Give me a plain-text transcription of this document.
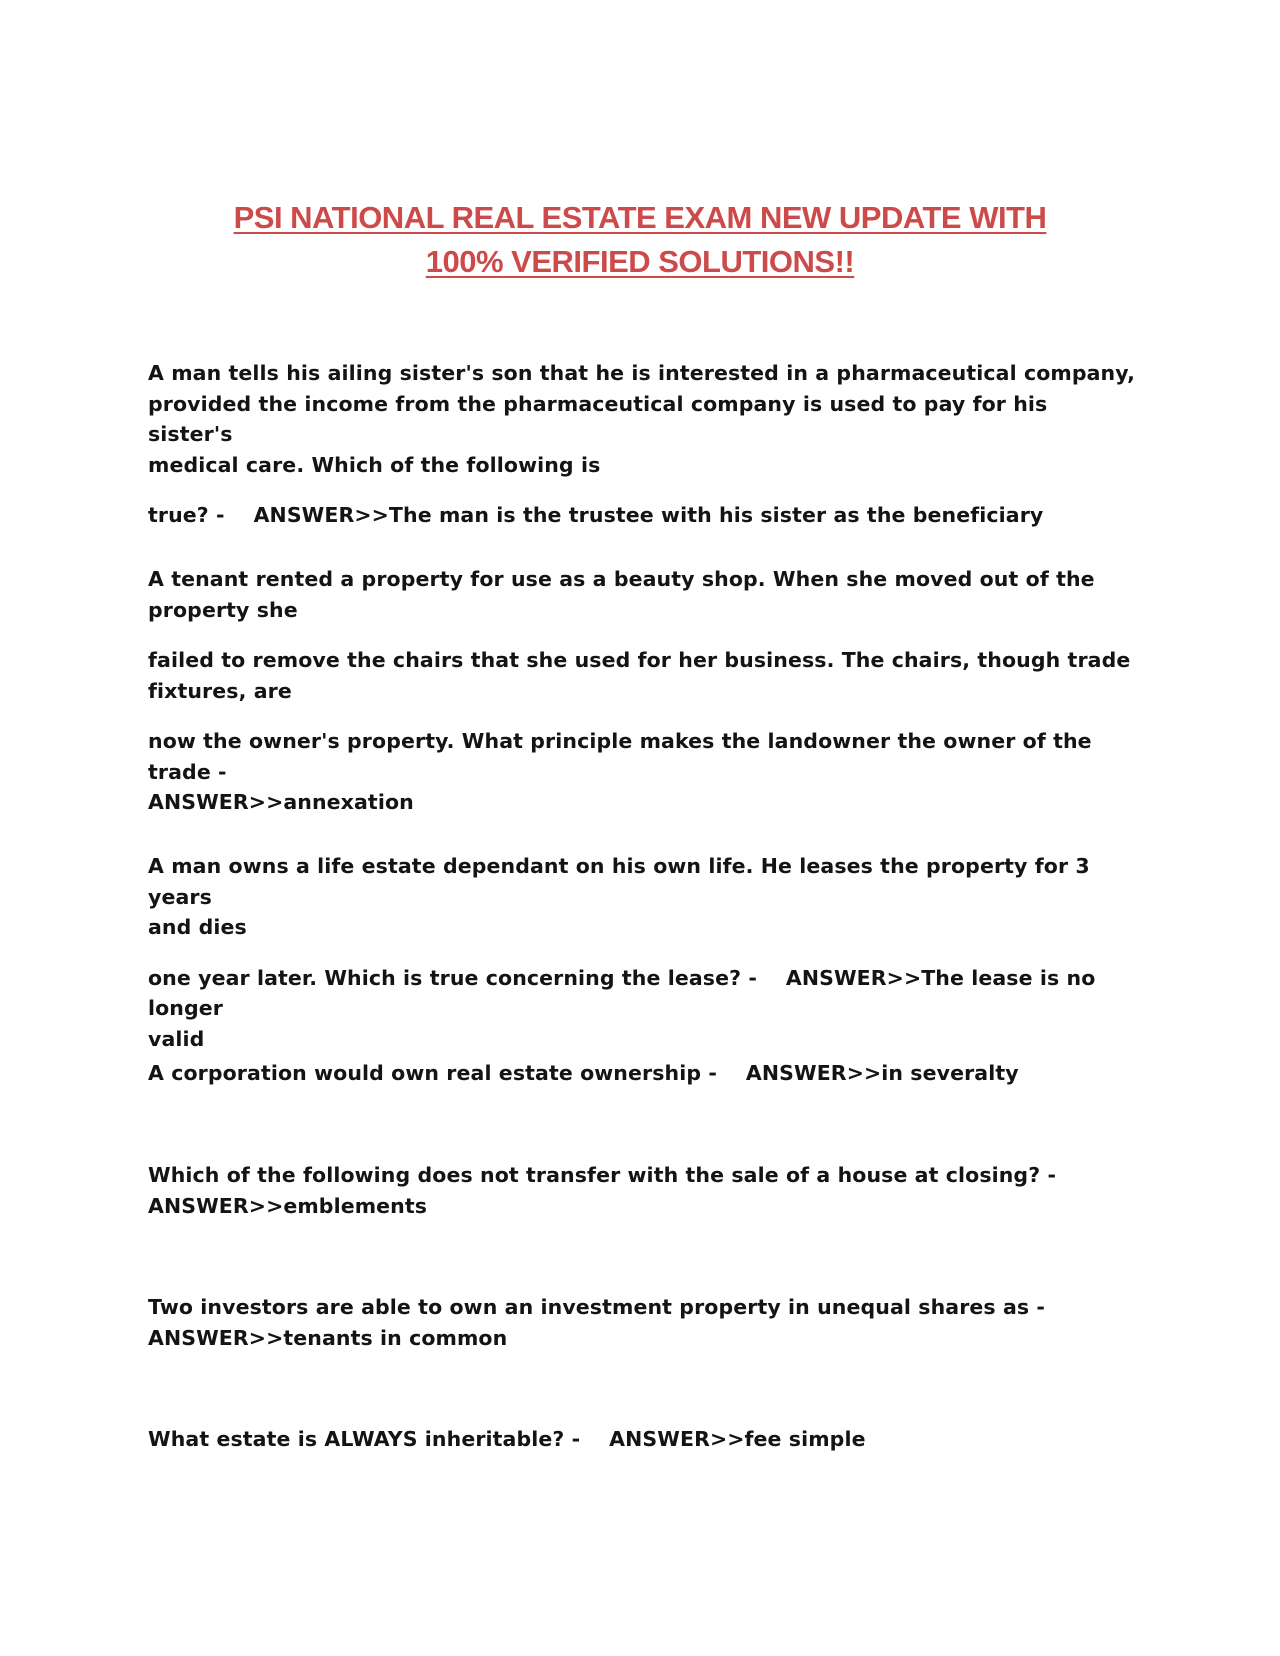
PSI NATIONAL REAL ESTATE EXAM NEW UPDATE WITH
100% VERIFIED SOLUTIONS!!

A man tells his ailing sister's son that he is interested in a pharmaceutical company,
provided the income from the pharmaceutical company is used to pay for his sister's
medical care. Which of the following is

true? -    ANSWER>>The man is the trustee with his sister as the beneficiary

A tenant rented a property for use as a beauty shop. When she moved out of the
property she

failed to remove the chairs that she used for her business. The chairs, though trade
fixtures, are

now the owner's property. What principle makes the landowner the owner of the trade -
ANSWER>>annexation

A man owns a life estate dependant on his own life. He leases the property for 3 years
and dies

one year later. Which is true concerning the lease? -    ANSWER>>The lease is no longer
valid

A corporation would own real estate ownership -    ANSWER>>in severalty

Which of the following does not transfer with the sale of a house at closing? -
ANSWER>>emblements

Two investors are able to own an investment property in unequal shares as -
ANSWER>>tenants in common

What estate is ALWAYS inheritable? -    ANSWER>>fee simple
